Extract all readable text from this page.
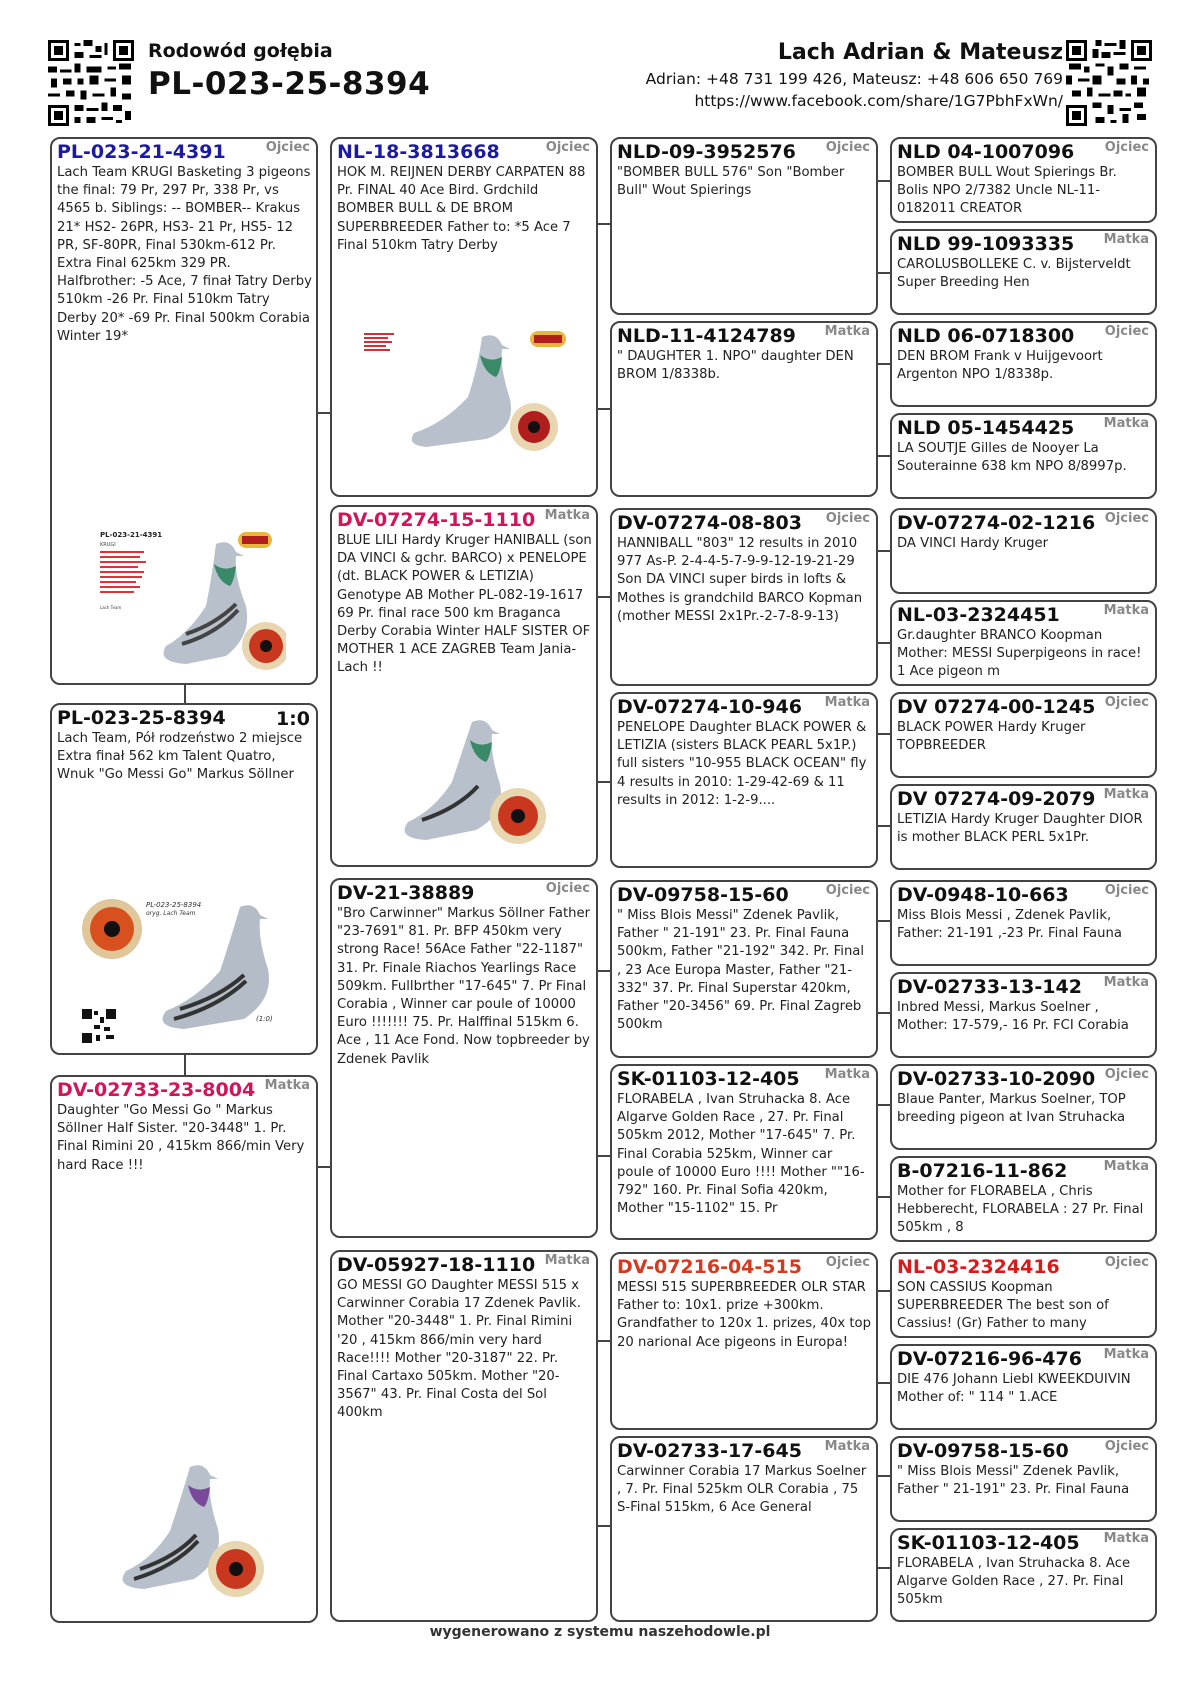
Rodowód gołębia
PL-023-25-8394
Lach Adrian & Mateusz
Adrian: +48 731 199 426, Mateusz: +48 606 650 769
https://www.facebook.com/share/1G7PbhFxWn/
PL-023-21-4391	Ojciec
Lach Team KRUGI Basketing 3 pigeons the final: 79 Pr, 297 Pr, 338 Pr, vs 4565 b. Siblings: -- BOMBER-- Krakus 21* HS2- 26PR, HS3- 21 Pr, HS5- 12 PR, SF-80PR, Final 530km-612 Pr. Extra Final 625km 329 PR. Halfbrother: -5 Ace, 7 finał Tatry Derby 510km -26 Pr. Final 510km Tatry Derby 20* -69 Pr. Final 500km Corabia Winter 19*
PL-023-21-4391
KRUGI
Lach Team
PL-023-25-8394	1:0
Lach Team, Pół rodzeństwo 2 miejsce Extra finał 562 km Talent Quatro, Wnuk "Go Messi Go" Markus Söllner
PL-023-25-8394
oryg. Lach Team
(1:0)
DV-02733-23-8004 Matka
Daughter "Go Messi Go " Markus Söllner Half Sister. "20-3448" 1. Pr. Final Rimini 20 , 415km 866/min Very hard Race !!!
NL-18-3813668	Ojciec
HOK M. REIJNEN DERBY CARPATEN 88 Pr. FINAL 40 Ace Bird. Grdchild BOMBER BULL & DE BROM SUPERBREEDER Father to: *5 Ace 7 Final 510km Tatry Derby
DV-07274-15-1110 Matka
BLUE LILI Hardy Kruger HANIBALL (son DA VINCI & gchr. BARCO) x PENELOPE (dt. BLACK POWER & LETIZIA) Genotype AB Mother PL-082-19-1617 69 Pr. final race 500 km Braganca Derby Corabia Winter HALF SISTER OF MOTHER 1 ACE ZAGREB Team Jania- Lach !!
DV-21-38889	Ojciec
"Bro Carwinner" Markus Söllner Father "23-7691" 81. Pr. BFP 450km very strong Race! 56Ace Father "22-1187" 31. Pr. Finale Riachos Yearlings Race 509km. Fullbrther "17-645" 7. Pr Final Corabia , Winner car poule of 10000 Euro !!!!!!! 75. Pr. Halffinal 515km 6. Ace , 11 Ace Fond. Now topbreeder by Zdenek Pavlik
DV-05927-18-1110 Matka
GO MESSI GO Daughter MESSI 515 x Carwinner Corabia 17 Zdenek Pavlik. Mother "20-3448" 1. Pr. Final Rimini '20 , 415km 866/min very hard Race!!!! Mother "20-3187" 22. Pr. Final Cartaxo 505km. Mother "20-3567" 43. Pr. Final Costa del Sol 400km
NLD-09-3952576	Ojciec
"BOMBER BULL 576" Son "Bomber Bull" Wout Spierings
NLD-11-4124789	Matka
" DAUGHTER 1. NPO" daughter DEN BROM 1/8338b.
DV-07274-08-803	Ojciec
HANNIBALL "803" 12 results in 2010 977 As-P. 2-4-4-5-7-9-9-12-19-21-29 Son DA VINCI super birds in lofts & Mothes is grandchild BARCO Kopman (mother MESSI 2x1Pr.-2-7-8-9-13)
DV-07274-10-946	Matka
PENELOPE Daughter BLACK POWER & LETIZIA (sisters BLACK PEARL 5x1P.) full sisters "10-955 BLACK OCEAN" fly 4 results in 2010: 1-29-42-69 & 11 results in 2012: 1-2-9....
DV-09758-15-60	Ojciec
" Miss Blois Messi" Zdenek Pavlik, Father " 21-191" 23. Pr. Final Fauna 500km, Father "21-192" 342. Pr. Final , 23 Ace Europa Master, Father "21-332" 37. Pr. Final Superstar 420km, Father "20-3456" 69. Pr. Final Zagreb 500km
SK-01103-12-405	Matka
FLORABELA , Ivan Struhacka 8. Ace Algarve Golden Race , 27. Pr. Final 505km 2012, Mother "17-645" 7. Pr. Final Corabia 525km, Winner car poule of 10000 Euro !!!! Mother ""16-792" 160. Pr. Final Sofia 420km, Mother "15-1102" 15. Pr
DV-07216-04-515	Ojciec
MESSI 515 SUPERBREEDER OLR STAR Father to: 10x1. prize +300km. Grandfather to 120x 1. prizes, 40x top 20 narional Ace pigeons in Europa!
DV-02733-17-645	Matka
Carwinner Corabia 17 Markus Soelner , 7. Pr. Final 525km OLR Corabia , 75 S-Final 515km, 6 Ace General
NLD 04-1007096	Ojciec
BOMBER BULL Wout Spierings Br. Bolis NPO 2/7382 Uncle NL-11-0182011 CREATOR
NLD 99-1093335	Matka
CAROLUSBOLLEKE C. v. Bijsterveldt Super Breeding Hen
NLD 06-0718300	Ojciec
DEN BROM Frank v Huijgevoort Argenton NPO 1/8338p.
NLD 05-1454425	Matka
LA SOUTJE Gilles de Nooyer La Souterainne 638 km NPO 8/8997p.
DV-07274-02-1216 Ojciec
DA VINCI Hardy Kruger
NL-03-2324451	Matka
Gr.daughter BRANCO Koopman Mother: MESSI Superpigeons in race! 1 Ace pigeon m
DV 07274-00-1245 Ojciec
BLACK POWER Hardy Kruger TOPBREEDER
DV 07274-09-2079 Matka
LETIZIA Hardy Kruger Daughter DIOR is mother BLACK PERL 5x1Pr.
DV-0948-10-663	Ojciec
Miss Blois Messi , Zdenek Pavlik, Father: 21-191 ,-23 Pr. Final Fauna
DV-02733-13-142	Matka
Inbred Messi, Markus Soelner , Mother: 17-579,- 16 Pr. FCI Corabia
DV-02733-10-2090 Ojciec
Blaue Panter, Markus Soelner, TOP breeding pigeon at Ivan Struhacka
B-07216-11-862	Matka
Mother for FLORABELA , Chris Hebberecht, FLORABELA : 27 Pr. Final 505km , 8
NL-03-2324416	Ojciec
SON CASSIUS Koopman SUPERBREEDER The best son of Cassius! (Gr) Father to many
DV-07216-96-476	Matka
DIE 476 Johann Liebl KWEEKDUIVIN Mother of: " 114 " 1.ACE
DV-09758-15-60	Ojciec
" Miss Blois Messi" Zdenek Pavlik, Father " 21-191" 23. Pr. Final Fauna
SK-01103-12-405	Matka
FLORABELA , Ivan Struhacka 8. Ace Algarve Golden Race , 27. Pr. Final 505km
wygenerowano z systemu naszehodowle.pl
